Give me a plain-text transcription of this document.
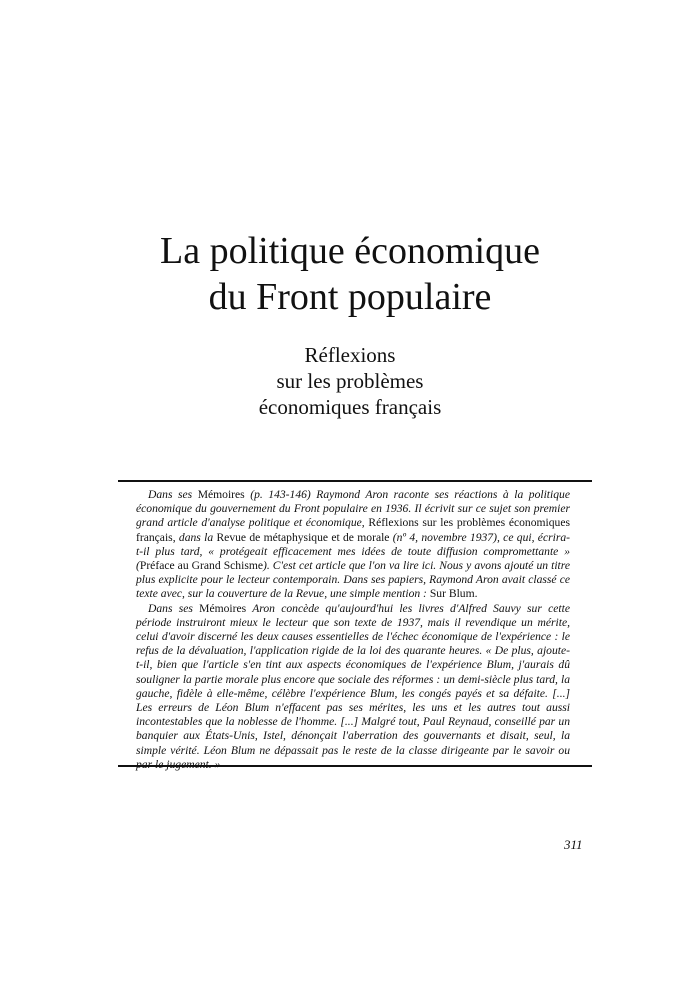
La politique économique
du Front populaire
Réflexions
sur les problèmes
économiques français

Dans ses Mémoires (p. 143-146) Raymond Aron raconte ses réactions à la politique économique du gouvernement du Front populaire en 1936. Il écrivit sur ce sujet son premier grand article d'analyse politique et économique, Réflexions sur les problèmes économiques français, dans la Revue de métaphysique et de morale (nº 4, novembre 1937), ce qui, écrira-t-il plus tard, « protégeait efficacement mes idées de toute diffusion compromettante » (Préface au Grand Schisme). C'est cet article que l'on va lire ici. Nous y avons ajouté un titre plus explicite pour le lecteur contemporain. Dans ses papiers, Raymond Aron avait classé ce texte avec, sur la couverture de la Revue, une simple mention : Sur Blum.

Dans ses Mémoires Aron concède qu'aujourd'hui les livres d'Alfred Sauvy sur cette période instruiront mieux le lecteur que son texte de 1937, mais il revendique un mérite, celui d'avoir discerné les deux causes essentielles de l'échec économique de l'expérience : le refus de la dévaluation, l'application rigide de la loi des quarante heures. « De plus, ajoute-t-il, bien que l'article s'en tint aux aspects économiques de l'expérience Blum, j'aurais dû souligner la partie morale plus encore que sociale des réformes : un demi-siècle plus tard, la gauche, fidèle à elle-même, célèbre l'expérience Blum, les congés payés et sa défaite. [...] Les erreurs de Léon Blum n'effacent pas ses mérites, les uns et les autres tout aussi incontestables que la noblesse de l'homme. [...] Malgré tout, Paul Reynaud, conseillé par un banquier aux États-Unis, Istel, dénonçait l'aberration des gouvernants et disait, seul, la simple vérité. Léon Blum ne dépassait pas le reste de la classe dirigeante par le savoir ou

311
